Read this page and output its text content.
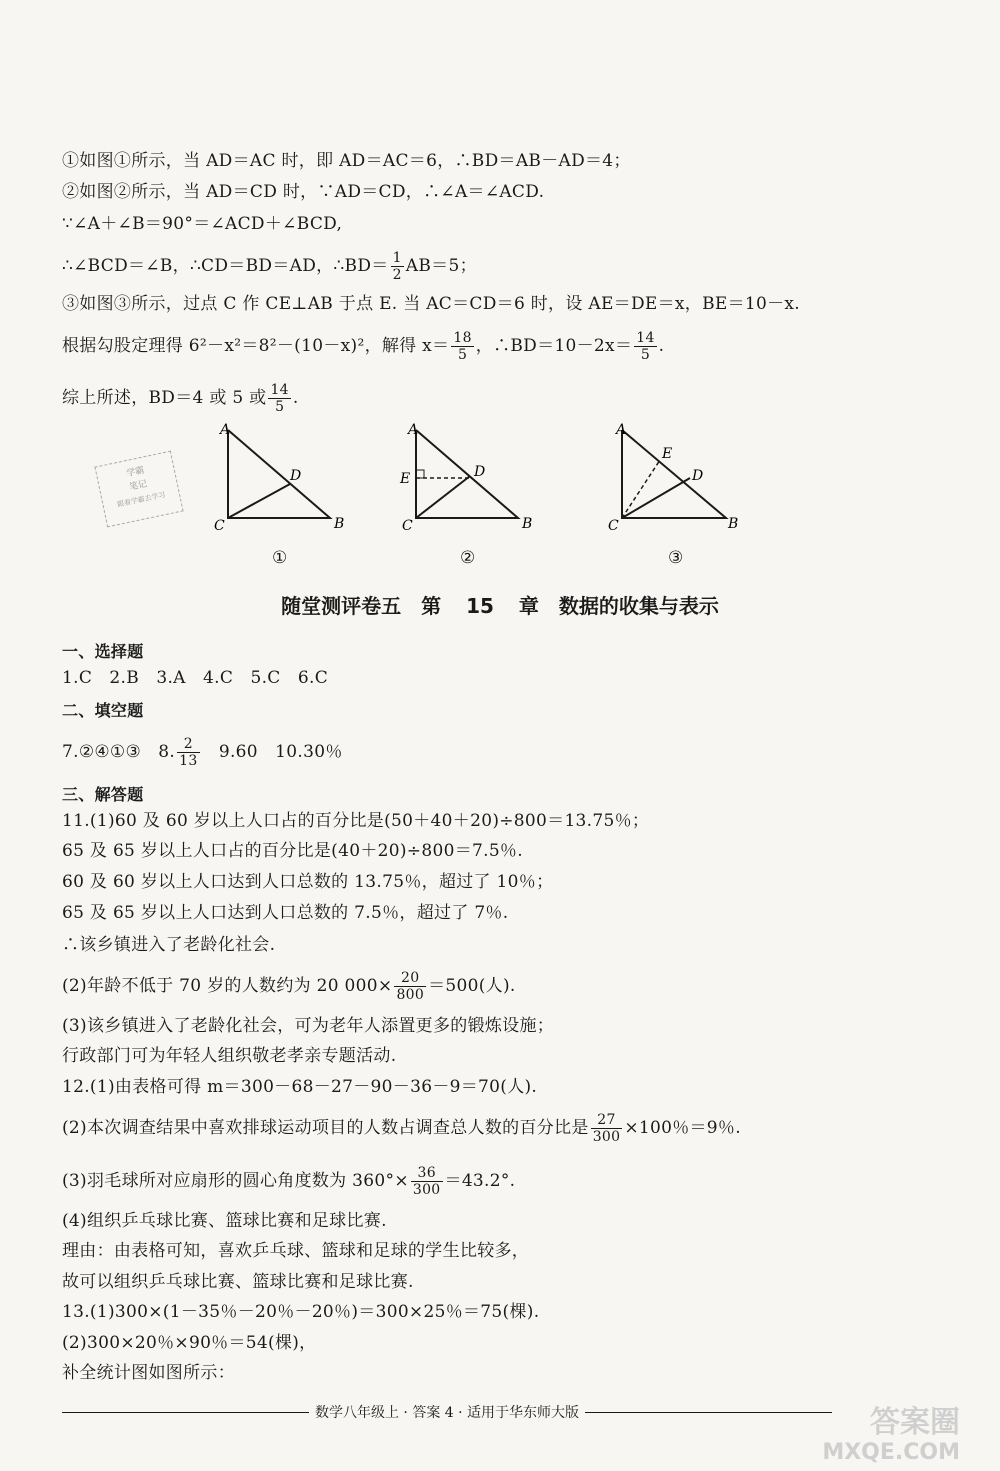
①如图①所示，当 AD＝AC 时，即 AD＝AC＝6，∴BD＝AB－AD＝4；
②如图②所示，当 AD＝CD 时，∵AD＝CD，∴∠A＝∠ACD.
∵∠A＋∠B＝90°＝∠ACD＋∠BCD,
∴∠BCD＝∠B，∴CD＝BD＝AD，∴BD＝ $\frac{1}{2} AB=5$；
③如图③所示，过点 C 作 CE⊥AB 于点 E. 当 AC＝CD＝6 时，设 AE＝DE＝x，BE＝10－x.
根据勾股定理得 6²－x²＝8²－(10－x)²，解得 $x= \frac{18}{5}$ ，∴BD＝10－2x＝ $\frac{14}{5}$ .
综上所述，BD＝4 或 5 或 $\frac{14}{5}$ .
学霸
笔记
跟着学霸去学习
A
C	B
D
①
A
E
C	B
D
②
A
E
C	B
D
③
随堂测评卷五　第 15 章　数据的收集与表示
一、选择题
1.C　2.B　3.A　4.C　5.C　6.C
二、填空题
7.②④①③　8. $\frac{2}{13}$ 　9.60　10.30％
三、解答题
11.(1)60 及 60 岁以上人口占的百分比是(50＋40＋20)÷800＝13.75％；
65 及 65 岁以上人口占的百分比是(40＋20)÷800＝7.5％.
60 及 60 岁以上人口达到人口总数的 13.75％，超过了 10％；
65 及 65 岁以上人口达到人口总数的 7.5％，超过了 7％.
∴该乡镇进入了老龄化社会.
(2)年龄不低于 70 岁的人数约为 20 $000\times \frac{20}{800} =500$(人).
(3)该乡镇进入了老龄化社会，可为老年人添置更多的锻炼设施；
行政部门可为年轻人组织敬老孝亲专题活动.
12.(1)由表格可得 m＝300－68－27－90－36－9＝70(人).
(2)本次调查结果中喜欢排球运动项目的人数占调查总人数的百分比是 $\frac{27}{300} \times 100$％＝9％.
(3)羽毛球所对应扇形的圆心角度数为 $360^\circ\times \frac{36}{300} =43.2^\circ$.
(4)组织乒乓球比赛、篮球比赛和足球比赛.
理由：由表格可知，喜欢乒乓球、篮球和足球的学生比较多，
故可以组织乒乓球比赛、篮球比赛和足球比赛.
13.(1)300×(1－35％－20％－20％)＝300×25％＝75(棵).
(2)300×20％×90％＝54(棵)，
补全统计图如图所示：
数学八年级上 · 答案 4 · 适用于华东师大版	答案圈
MXQE.COM
